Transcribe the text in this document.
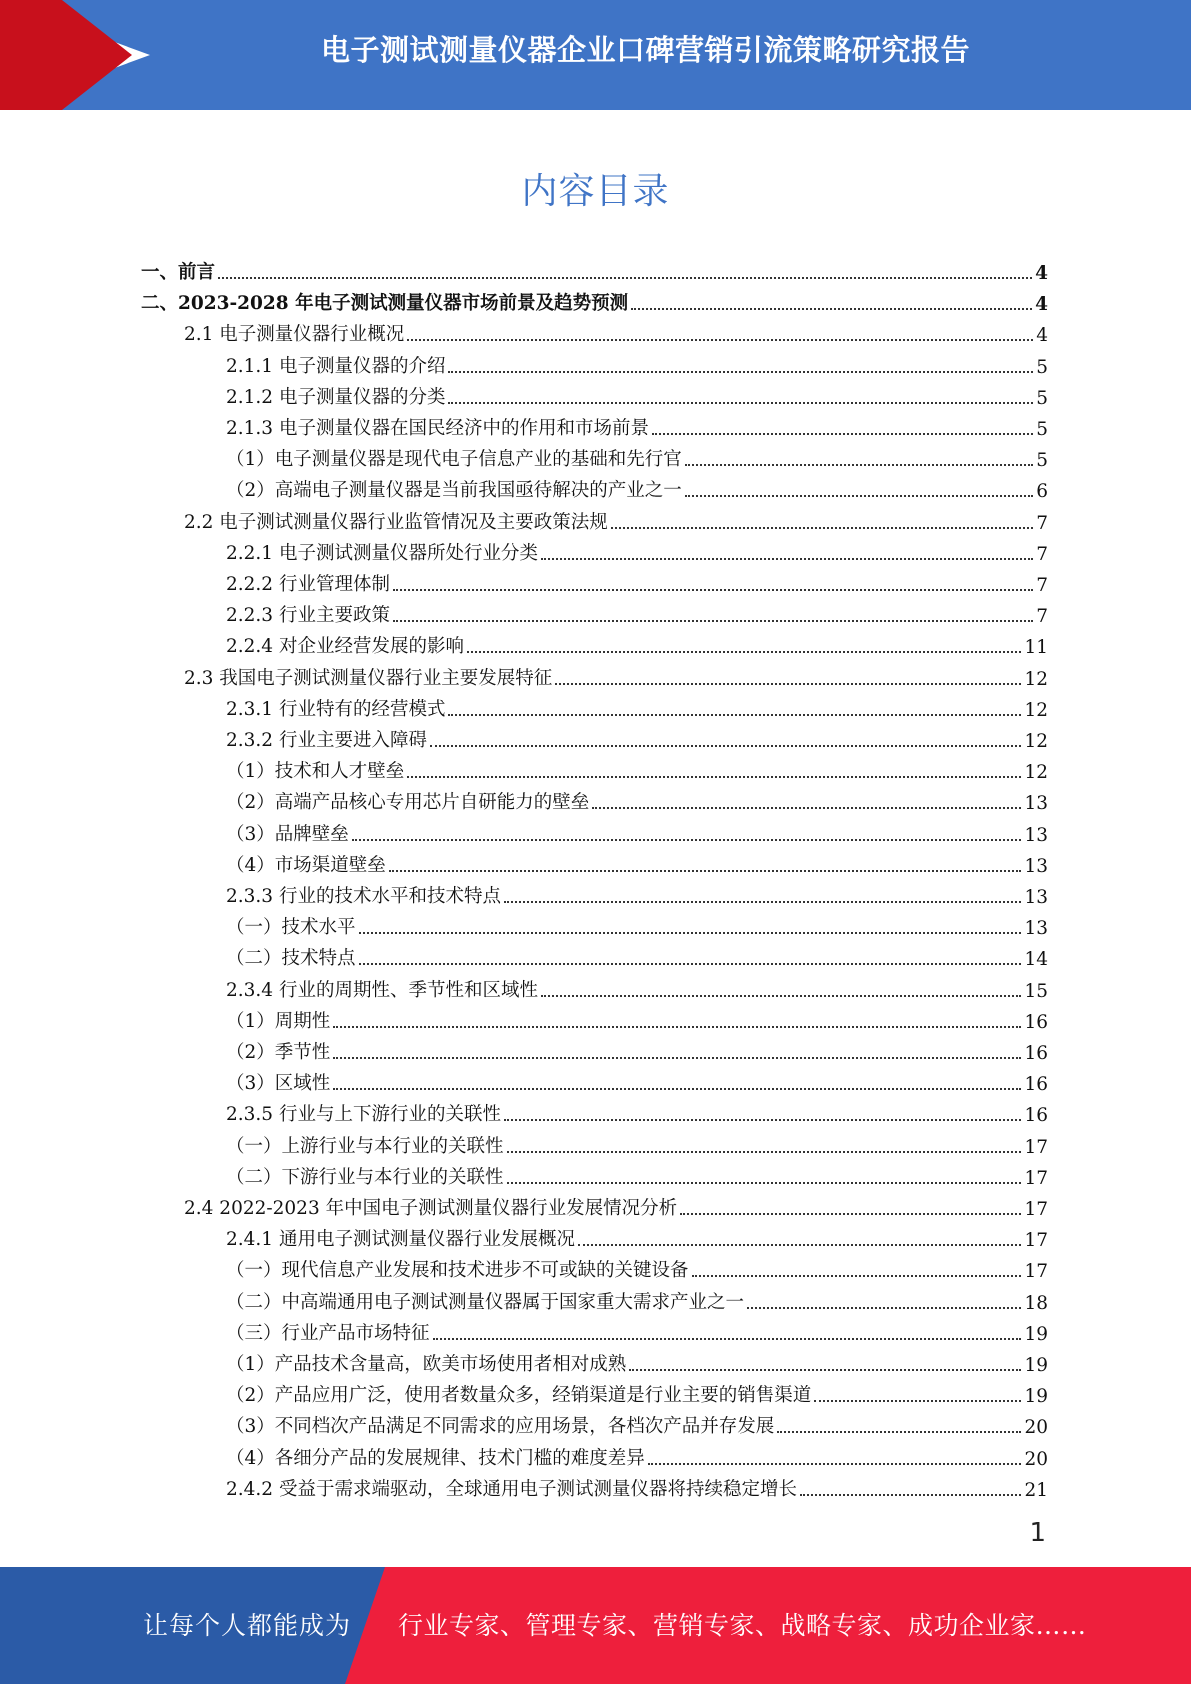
电子测试测量仪器企业口碑营销引流策略研究报告
内容目录
一、前言	4
二、2023-2028 年电子测试测量仪器市场前景及趋势预测	4
2.1 电子测量仪器行业概况	4
2.1.1 电子测量仪器的介绍	5
2.1.2 电子测量仪器的分类	5
2.1.3 电子测量仪器在国民经济中的作用和市场前景	5
（1）电子测量仪器是现代电子信息产业的基础和先行官	5
（2）高端电子测量仪器是当前我国亟待解决的产业之一	6
2.2 电子测试测量仪器行业监管情况及主要政策法规	7
2.2.1 电子测试测量仪器所处行业分类	7
2.2.2 行业管理体制	7
2.2.3 行业主要政策	7
2.2.4 对企业经营发展的影响	11
2.3 我国电子测试测量仪器行业主要发展特征	12
2.3.1 行业特有的经营模式	12
2.3.2 行业主要进入障碍	12
（1）技术和人才壁垒	12
（2）高端产品核心专用芯片自研能力的壁垒	13
（3）品牌壁垒	13
（4）市场渠道壁垒	13
2.3.3 行业的技术水平和技术特点	13
（一）技术水平	13
（二）技术特点	14
2.3.4 行业的周期性、季节性和区域性	15
（1）周期性	16
（2）季节性	16
（3）区域性	16
2.3.5 行业与上下游行业的关联性	16
（一）上游行业与本行业的关联性	17
（二）下游行业与本行业的关联性	17
2.4 2022-2023 年中国电子测试测量仪器行业发展情况分析	17
2.4.1 通用电子测试测量仪器行业发展概况	17
（一）现代信息产业发展和技术进步不可或缺的关键设备	17
（二）中高端通用电子测试测量仪器属于国家重大需求产业之一	18
（三）行业产品市场特征	19
（1）产品技术含量高，欧美市场使用者相对成熟	19
（2）产品应用广泛，使用者数量众多，经销渠道是行业主要的销售渠道	19
（3）不同档次产品满足不同需求的应用场景，各档次产品并存发展	20
（4）各细分产品的发展规律、技术门槛的难度差异	20
2.4.2 受益于需求端驱动，全球通用电子测试测量仪器将持续稳定增长	21
1
让每个人都能成为 行业专家、管理专家、营销专家、战略专家、成功企业家……
